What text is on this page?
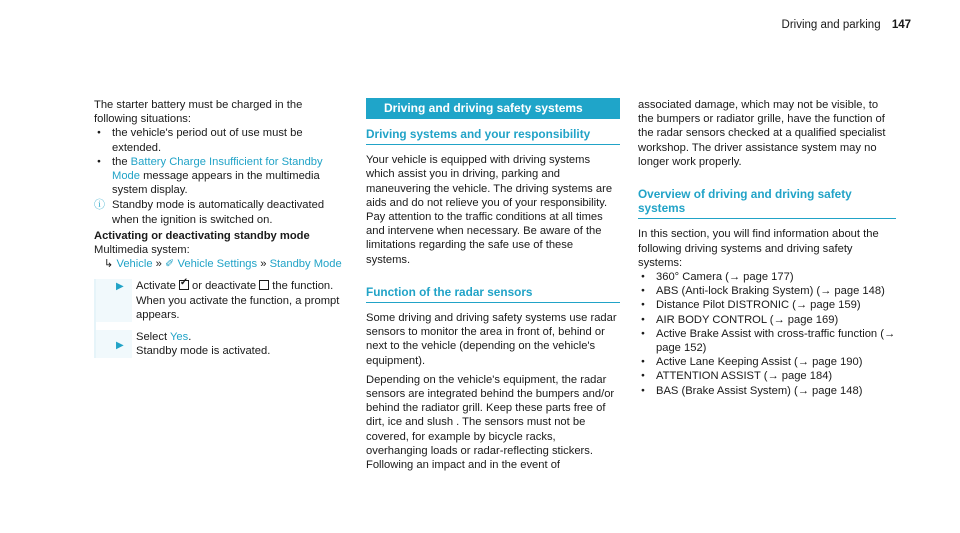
Driving and parking 147

The starter battery must be charged in the following situations:

● the vehicle's period out of use must be extended.
● the Battery Charge Insufficient for Standby Mode message appears in the multimedia system display.
ⓘ Standby mode is automatically deactivated when the ignition is switched on.

Activating or deactivating standby mode

Multimedia system:

↳ Vehicle » ✐ Vehicle Settings » Standby Mode

▶ Activate ✓ or deactivate  the function.

When you activate the function, a prompt appears.

▶

Select Yes.

Standby mode is activated.

Driving and driving safety systems
Driving systems and your responsibility

Your vehicle is equipped with driving systems which assist you in driving, parking and maneuvering the vehicle. The driving systems are aids and do not relieve you of your responsibility. Pay attention to the traffic conditions at all times and intervene when necessary. Be aware of the limitations regarding the safe use of these systems.

Function of the radar sensors

Some driving and driving safety systems use radar sensors to monitor the area in front of, behind or next to the vehicle (depending on the vehicle's equipment).

Depending on the vehicle's equipment, the radar sensors are integrated behind the bumpers and/or behind the radiator grill. Keep these parts free of dirt, ice and slush . The sensors must not be covered, for example by bicycle racks, overhanging loads or radar-reflecting stickers. Following an impact and in the event of

associated damage, which may not be visible, to the bumpers or radiator grille, have the function of the radar sensors checked at a qualified specialist workshop. The driver assistance system may no longer work properly.

Overview of driving and driving safety systems

In this section, you will find information about the following driving systems and driving safety systems:

● 360° Camera (→ page 177)
● ABS (Anti-lock Braking System) (→ page 148)
● Distance Pilot DISTRONIC (→ page 159)
● AIR BODY CONTROL (→ page 169)
● Active Brake Assist with cross-traffic function (→ page 152)
● Active Lane Keeping Assist (→ page 190)
● ATTENTION ASSIST (→ page 184)
● BAS (Brake Assist System) (→ page 148)
